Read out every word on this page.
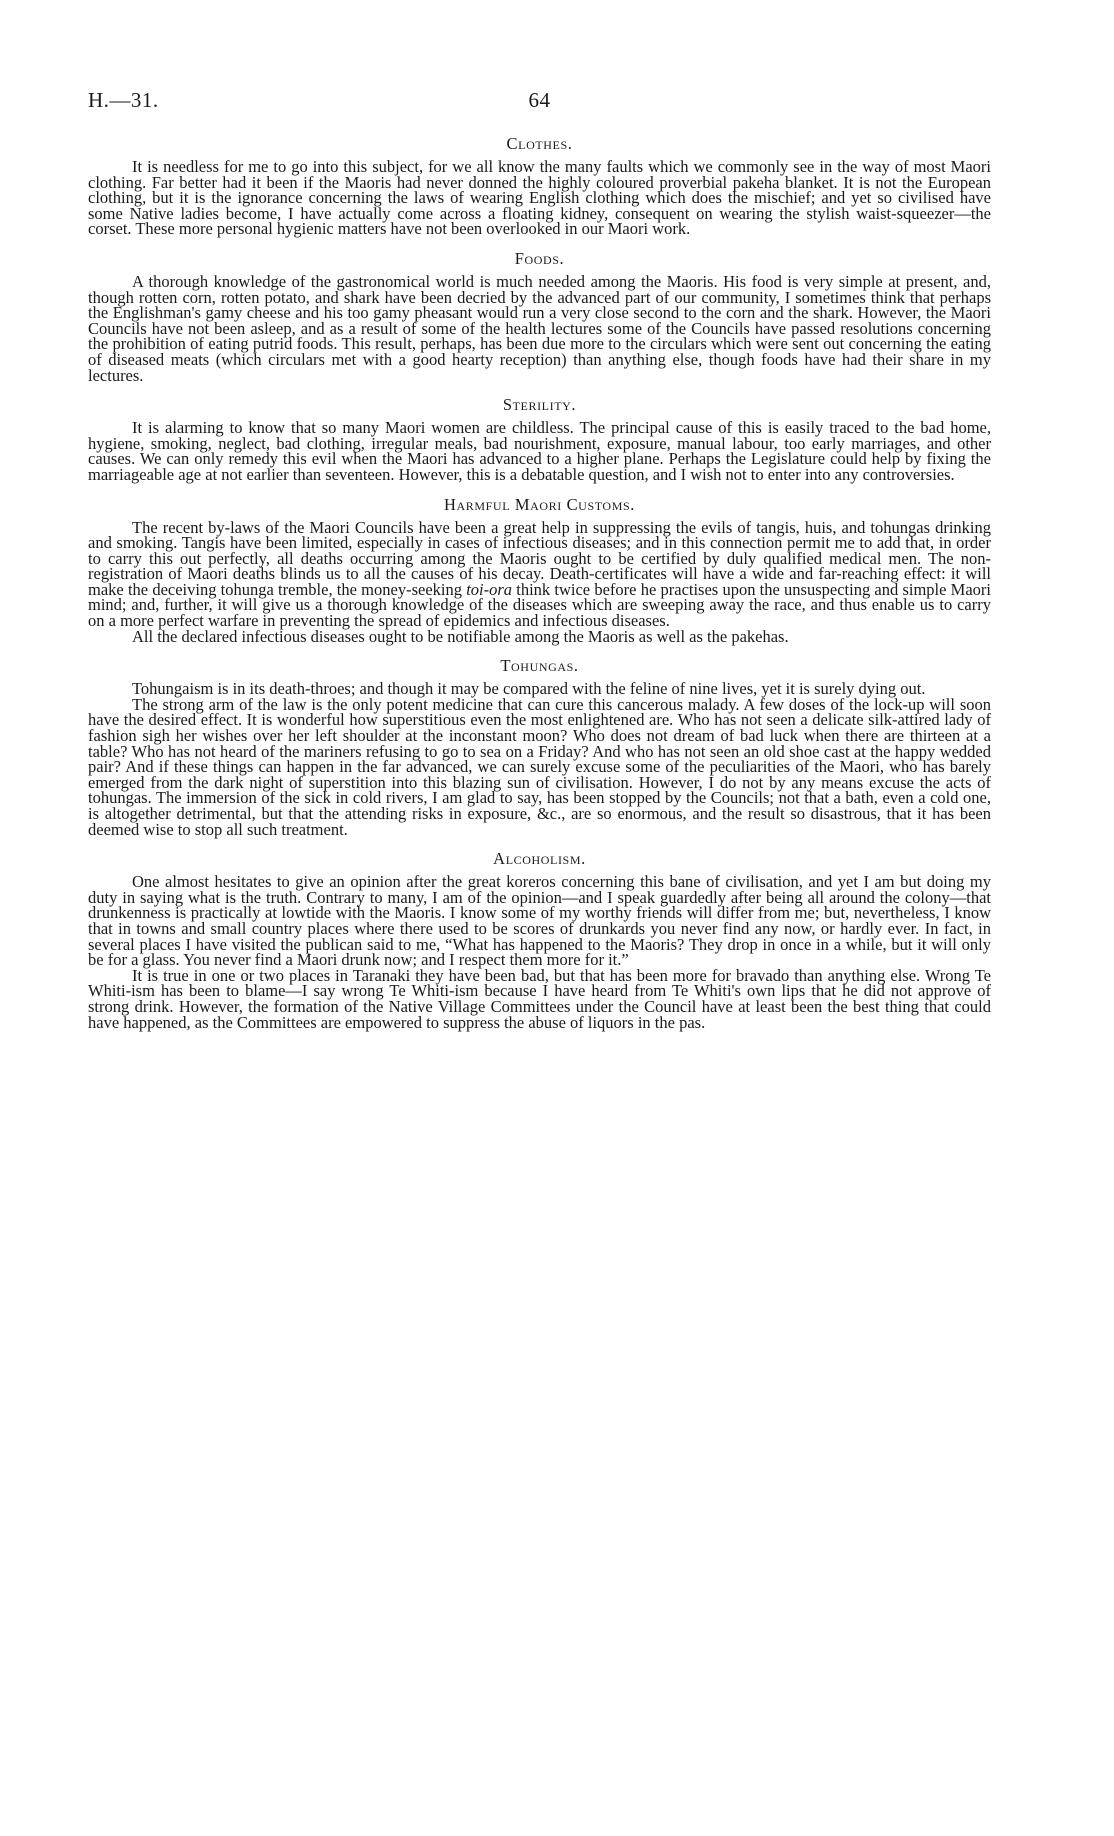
H.—31.	64
Clothes.

It is needless for me to go into this subject, for we all know the many faults which we commonly see in the way of most Maori clothing. Far better had it been if the Maoris had never donned the highly coloured proverbial pakeha blanket. It is not the European clothing, but it is the ignorance concerning the laws of wearing English clothing which does the mischief; and yet so civilised have some Native ladies become, I have actually come across a floating kidney, consequent on wearing the stylish waist-squeezer—the corset. These more personal hygienic matters have not been overlooked in our Maori work.

Foods.

A thorough knowledge of the gastronomical world is much needed among the Maoris. His food is very simple at present, and, though rotten corn, rotten potato, and shark have been decried by the advanced part of our community, I sometimes think that perhaps the Englishman's gamy cheese and his too gamy pheasant would run a very close second to the corn and the shark. However, the Maori Councils have not been asleep, and as a result of some of the health lectures some of the Councils have passed resolutions concerning the prohibition of eating putrid foods. This result, perhaps, has been due more to the circulars which were sent out concerning the eating of diseased meats (which circulars met with a good hearty reception) than anything else, though foods have had their share in my lectures.

Sterility.

It is alarming to know that so many Maori women are childless. The principal cause of this is easily traced to the bad home, hygiene, smoking, neglect, bad clothing, irregular meals, bad nourishment, exposure, manual labour, too early marriages, and other causes. We can only remedy this evil when the Maori has advanced to a higher plane. Perhaps the Legislature could help by fixing the marriageable age at not earlier than seventeen. However, this is a debatable question, and I wish not to enter into any controversies.

Harmful Maori Customs.

The recent by-laws of the Maori Councils have been a great help in suppressing the evils of tangis, huis, and tohungas drinking and smoking. Tangis have been limited, especially in cases of infectious diseases; and in this connection permit me to add that, in order to carry this out perfectly, all deaths occurring among the Maoris ought to be certified by duly qualified medical men. The non-registration of Maori deaths blinds us to all the causes of his decay. Death-certificates will have a wide and far-reaching effect: it will make the deceiving tohunga tremble, the money-seeking toi-ora think twice before he practises upon the unsuspecting and simple Maori mind; and, further, it will give us a thorough knowledge of the diseases which are sweeping away the race, and thus enable us to carry on a more perfect warfare in preventing the spread of epidemics and infectious diseases.

All the declared infectious diseases ought to be notifiable among the Maoris as well as the pakehas.

Tohungas.

Tohungaism is in its death-throes; and though it may be compared with the feline of nine lives, yet it is surely dying out.

The strong arm of the law is the only potent medicine that can cure this cancerous malady. A few doses of the lock-up will soon have the desired effect. It is wonderful how superstitious even the most enlightened are. Who has not seen a delicate silk-attired lady of fashion sigh her wishes over her left shoulder at the inconstant moon? Who does not dream of bad luck when there are thirteen at a table? Who has not heard of the mariners refusing to go to sea on a Friday? And who has not seen an old shoe cast at the happy wedded pair? And if these things can happen in the far advanced, we can surely excuse some of the peculiarities of the Maori, who has barely emerged from the dark night of superstition into this blazing sun of civilisation. However, I do not by any means excuse the acts of tohungas. The immersion of the sick in cold rivers, I am glad to say, has been stopped by the Councils; not that a bath, even a cold one, is altogether detrimental, but that the attending risks in exposure, &c., are so enormous, and the result so disastrous, that it has been deemed wise to stop all such treatment.

Alcoholism.

One almost hesitates to give an opinion after the great koreros concerning this bane of civilisation, and yet I am but doing my duty in saying what is the truth. Contrary to many, I am of the opinion—and I speak guardedly after being all around the colony—that drunkenness is practically at lowtide with the Maoris. I know some of my worthy friends will differ from me; but, nevertheless, I know that in towns and small country places where there used to be scores of drunkards you never find any now, or hardly ever. In fact, in several places I have visited the publican said to me, “What has happened to the Maoris? They drop in once in a while, but it will only be for a glass. You never find a Maori drunk now; and I respect them more for it.”

It is true in one or two places in Taranaki they have been bad, but that has been more for bravado than anything else. Wrong Te Whiti-ism has been to blame—I say wrong Te Whiti-ism because I have heard from Te Whiti's own lips that he did not approve of strong drink. However, the formation of the Native Village Committees under the Council have at least been the best thing that could have happened, as the Committees are empowered to suppress the abuse of liquors in the pas.
